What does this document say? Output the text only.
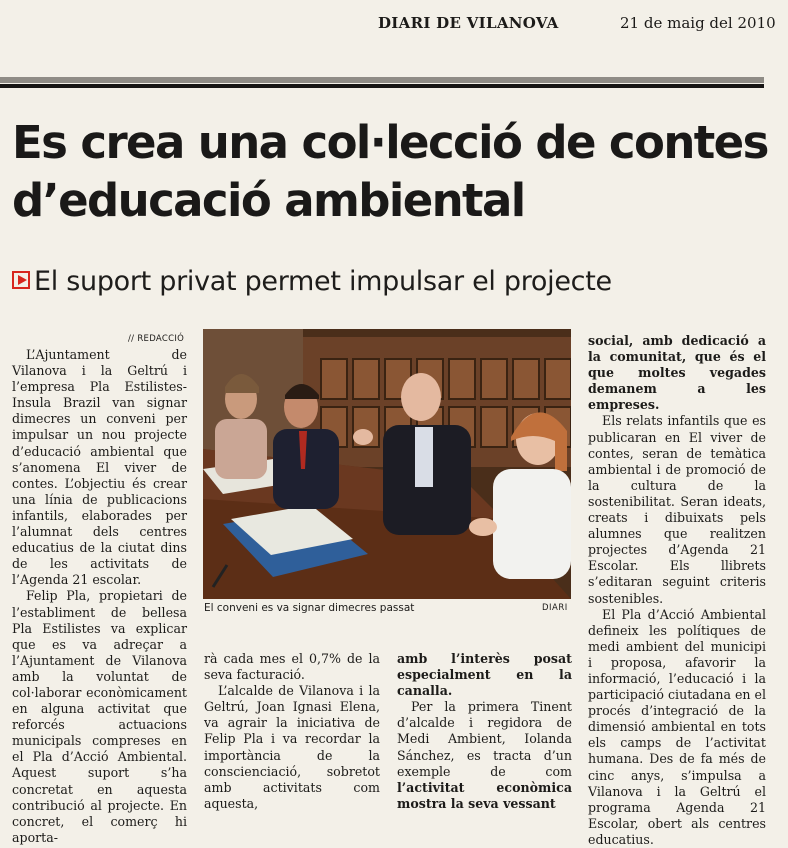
DIARI DE VILANOVA	21 de maig del 2010
Es crea una col·lecció de contes
d’educació ambiental
El suport privat permet impulsar el projecte
// REDACCIÓ

L’Ajuntament de Vilanova i la Geltrú i l’empresa Pla Estilistes-Insula Brazil van signar dimecres un conveni per impulsar un nou projecte d’educació ambiental que s’anomena El viver de contes. L’objectiu és crear una línia de publicacions infantils, elaborades per l’alumnat dels centres educatius de la ciutat dins de les activitats de l’Agenda 21 escolar.

Felip Pla, propietari de l’establiment de bellesa Pla Estilistes va explicar que es va adreçar a l’Ajuntament de Vilanova amb la voluntat de col·laborar econòmicament en alguna activitat que reforcés actuacions municipals compreses en el Pla d’Acció Ambiental. Aquest suport s’ha concretat en aquesta contribució al projecte. En concret, el comerç hi aporta-

El conveni es va signar dimecres passat	DIARI

rà cada mes el 0,7% de la seva facturació.

L’alcalde de Vilanova i la Geltrú, Joan Ignasi Elena, va agrair la iniciativa de Felip Pla i va recordar la importància de la conscienciació, sobretot amb activitats com aquesta,

amb l’interès posat especialment en la canalla.

Per la primera Tinent d’alcalde i regidora de Medi Ambient, Iolanda Sánchez, es tracta d’un exemple de com l’activitat econòmica mostra la seva vessant

social, amb dedicació a la comunitat, que és el que moltes vegades demanem a les empreses.

Els relats infantils que es publicaran en El viver de contes, seran de temàtica ambiental i de promoció de la cultura de la sostenibilitat. Seran ideats, creats i dibuixats pels alumnes que realitzen projectes d’Agenda 21 Escolar. Els llibrets s’editaran seguint criteris sostenibles.

El Pla d’Acció Ambiental defineix les polítiques de medi ambient del municipi i proposa, afavorir la informació, l’educació i la participació ciutadana en el procés d’integració de la dimensió ambiental en tots els camps de l’activitat humana. Des de fa més de cinc anys, s’impulsa a Vilanova i la Geltrú el programa Agenda 21 Escolar, obert als centres educatius.
